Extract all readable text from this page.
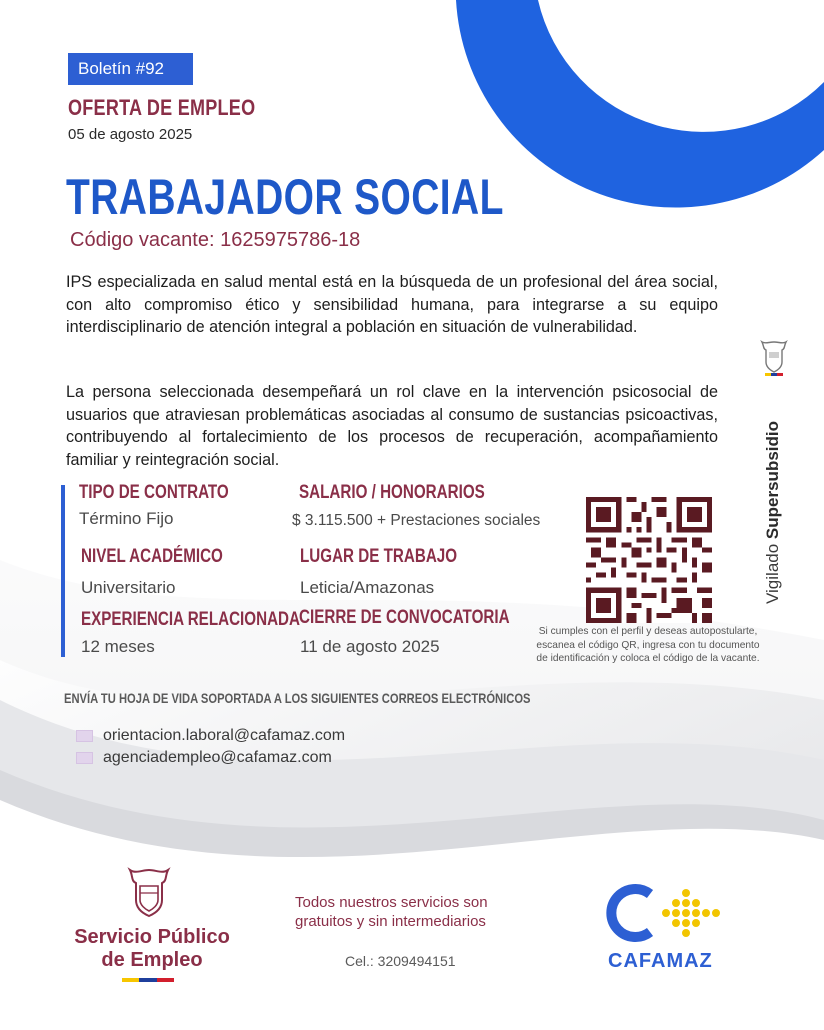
Boletín #92
OFERTA DE EMPLEO
05 de agosto 2025
TRABAJADOR SOCIAL
Código vacante: 1625975786-18

IPS especializada en salud mental está en la búsqueda de un profesional del área social, con alto compromiso ético y sensibilidad humana, para integrarse a su equipo interdisciplinario de atención integral a población en situación de vulnerabilidad.

La persona seleccionada desempeñará un rol clave en la intervención psicosocial de usuarios que atraviesan problemáticas asociadas al consumo de sustancias psicoactivas, contribuyendo al fortalecimiento de los procesos de recuperación, acompañamiento familiar y reintegración social.

TIPO DE CONTRATO
Término Fijo
SALARIO / HONORARIOS
$ 3.115.500 + Prestaciones sociales
NIVEL ACADÉMICO
Universitario
LUGAR DE TRABAJO
Leticia/Amazonas
EXPERIENCIA RELACIONADA
12 meses
CIERRE DE CONVOCATORIA
11 de agosto 2025
Si cumples con el perfil y deseas autopostularte, escanea el código QR, ingresa con tu documento de identificación y coloca el código de la vacante.
Vigilado Supersubsidio
ENVÍA TU HOJA DE VIDA SOPORTADA A LOS SIGUIENTES CORREOS ELECTRÓNICOS
orientacion.laboral@cafamaz.com
agenciadempleo@cafamaz.com
Servicio Público
de Empleo
Todos nuestros servicios son gratuitos y sin intermediarios
Cel.: 3209494151	CAFAMAZ
